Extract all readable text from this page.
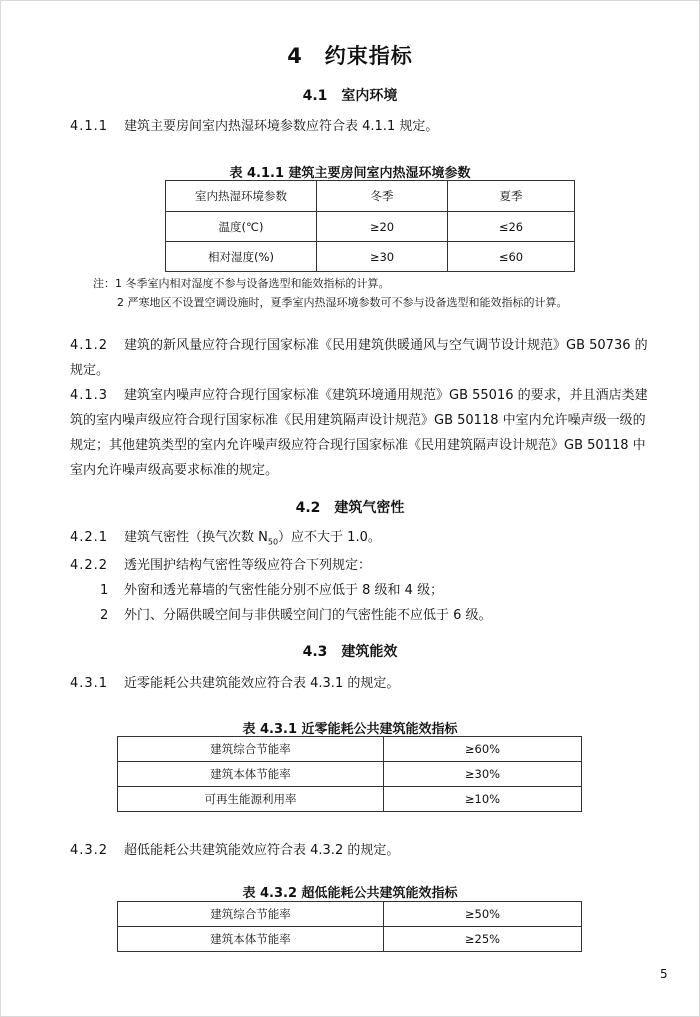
4　约束指标
4.1　室内环境
4.1.1 建筑主要房间室内热湿环境参数应符合表 4.1.1 规定。
表 4.1.1 建筑主要房间室内热湿环境参数
室内热湿环境参数	冬季	夏季
温度(℃)	≥20	≤26
相对湿度(%)	≥30	≤60
注：1 冬季室内相对湿度不参与设备选型和能效指标的计算。
2 严寒地区不设置空调设施时，夏季室内热湿环境参数可不参与设备选型和能效指标的计算。
4.1.2 建筑的新风量应符合现行国家标准《民用建筑供暖通风与空气调节设计规范》GB 50736 的
规定。
4.1.3 建筑室内噪声应符合现行国家标准《建筑环境通用规范》GB 55016 的要求，并且酒店类建
筑的室内噪声级应符合现行国家标准《民用建筑隔声设计规范》GB 50118 中室内允许噪声级一级的
规定；其他建筑类型的室内允许噪声级应符合现行国家标准《民用建筑隔声设计规范》GB 50118 中
室内允许噪声级高要求标准的规定。
4.2　建筑气密性
4.2.1 建筑气密性（换气次数 $N_{50}$）应不大于 1.0。
4.2.2 透光围护结构气密性等级应符合下列规定：
1 外窗和透光幕墙的气密性能分别不应低于 8 级和 4 级；
2 外门、分隔供暖空间与非供暖空间门的气密性能不应低于 6 级。
4.3　建筑能效
4.3.1 近零能耗公共建筑能效应符合表 4.3.1 的规定。
表 4.3.1 近零能耗公共建筑能效指标
建筑综合节能率	≥60%
建筑本体节能率	≥30%
可再生能源利用率	≥10%
4.3.2 超低能耗公共建筑能效应符合表 4.3.2 的规定。
表 4.3.2 超低能耗公共建筑能效指标
建筑综合节能率	≥50%
建筑本体节能率	≥25%
5
